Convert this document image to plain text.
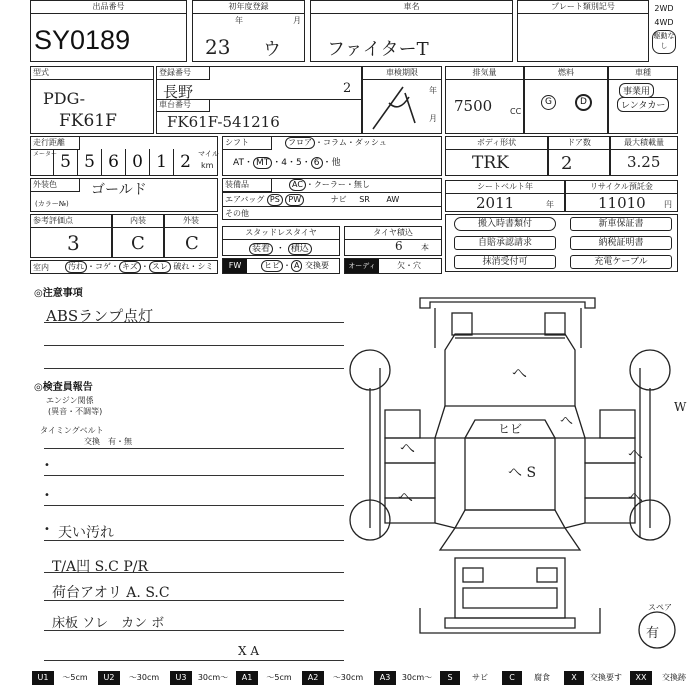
出品番号
SY0189
初年度登録
年	月
23 ウ
車名
ファイターT
プレート類別記号	2WD
4WD
駆動なし
型式
PDG-
FK61F
登録番号
長野	2
車台番号
FK61F-541216
車検期限
年
月
排気量
7500 CC
燃料
G	D
車種
事業用
レンタカー
走行距離
メーター 5 5 6 0 1 2	マイル
km
シフト	フロア ・コラム・ダッシュ
AT・ MT ・4・5・ 6 ・他
ボディ形状
TRK
ドア数
2
最大積載量
3.25
外装色	ゴールド
(カラー№)
装備品	AC ・クーラー・無し
エアバッグ PS PW	ナビ SR AW
その他
シートベルト年
2011	年
リサイクル預託金
11010 円
参考評価点
3
内装
C
外装
C
スタッドレスタイヤ
装着 ・ 積込
タイヤ積込
6 本
室内	汚れ ・コゲ・ キズ ・ スレ 破れ・シミ	FW	ヒビ ・ A 交換要	オーディオ
欠・穴
搬入時書類付	新車保証書
自賠承認請求	納税証明書
抹消受付可	充電ケーブル
◎注意事項
ABSランプ点灯
◎検査員報告
エンジン関係
(異音・不調等)
タイミングベルト
交換　有・無
•
•
• 天い汚れ
T/A凹 S.C P/R
荷台アオリ A. S.C
床板 ソレ　カン ボ
X A
へ
へ	へ
へ	へ
へ
ヒビ
へ S
W
スペア
有
U1	～5cm	U2	～30cm	U3	30cm～	A1	～5cm	A2	～30cm	A3	30cm～	S	サビ	C	腐食	X	交換要す	XX	交換跡
